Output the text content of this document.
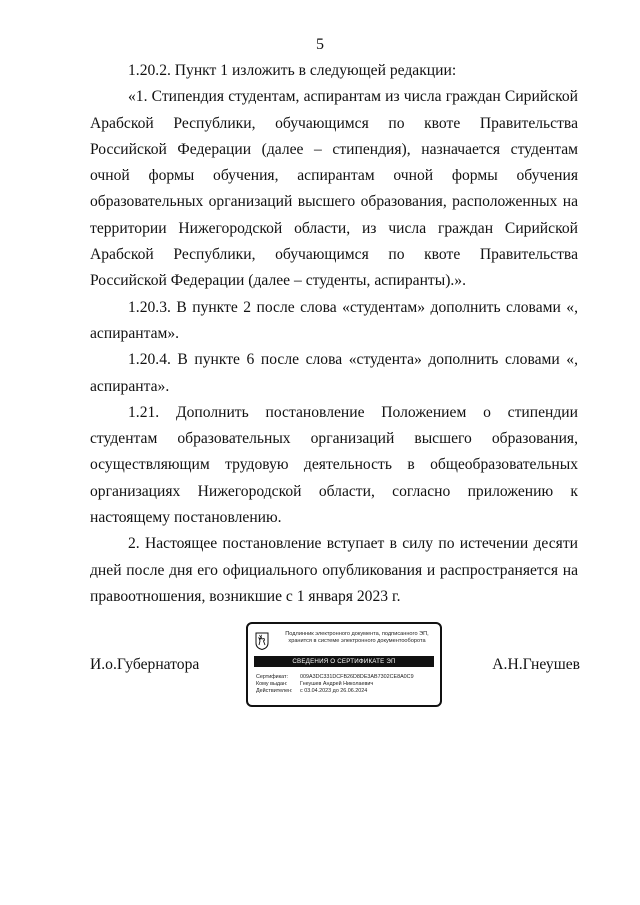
5

1.20.2. Пункт 1 изложить в следующей редакции:

«1. Стипендия студентам, аспирантам из числа граждан Сирийской Арабской Республики, обучающимся по квоте Правительства Российской Федерации (далее – стипендия), назначается студентам очной формы обучения, аспирантам очной формы обучения образовательных организаций высшего образования, расположенных на территории Нижегородской области, из числа граждан Сирийской Арабской Республики, обучающимся по квоте Правительства Российской Федерации (далее – студенты, аспиранты).».

1.20.3. В пункте 2 после слова «студентам» дополнить словами «, аспирантам».

1.20.4. В пункте 6 после слова «студента» дополнить словами «, аспиранта».

1.21. Дополнить постановление Положением о стипендии студентам образовательных организаций высшего образования, осуществляющим трудовую деятельность в общеобразовательных организациях Нижегородской области, согласно приложению к настоящему постановлению.

2. Настоящее постановление вступает в силу по истечении десяти дней после дня его официального опубликования и распространяется на правоотношения, возникшие с 1 января 2023 г.

И.о.Губернатора
Подлинник электронного документа, подписанного ЭП,
хранится в системе электронного документооборота
СВЕДЕНИЯ О СЕРТИФИКАТЕ ЭП
Сертификат: 009A3DC331DCFB26D8DE3AB7302CE8A0C9
Кому выдан: Гнеушев Андрей Николаевич
Действителен: с 03.04.2023 до 26.06.2024
А.Н.Гнеушев
